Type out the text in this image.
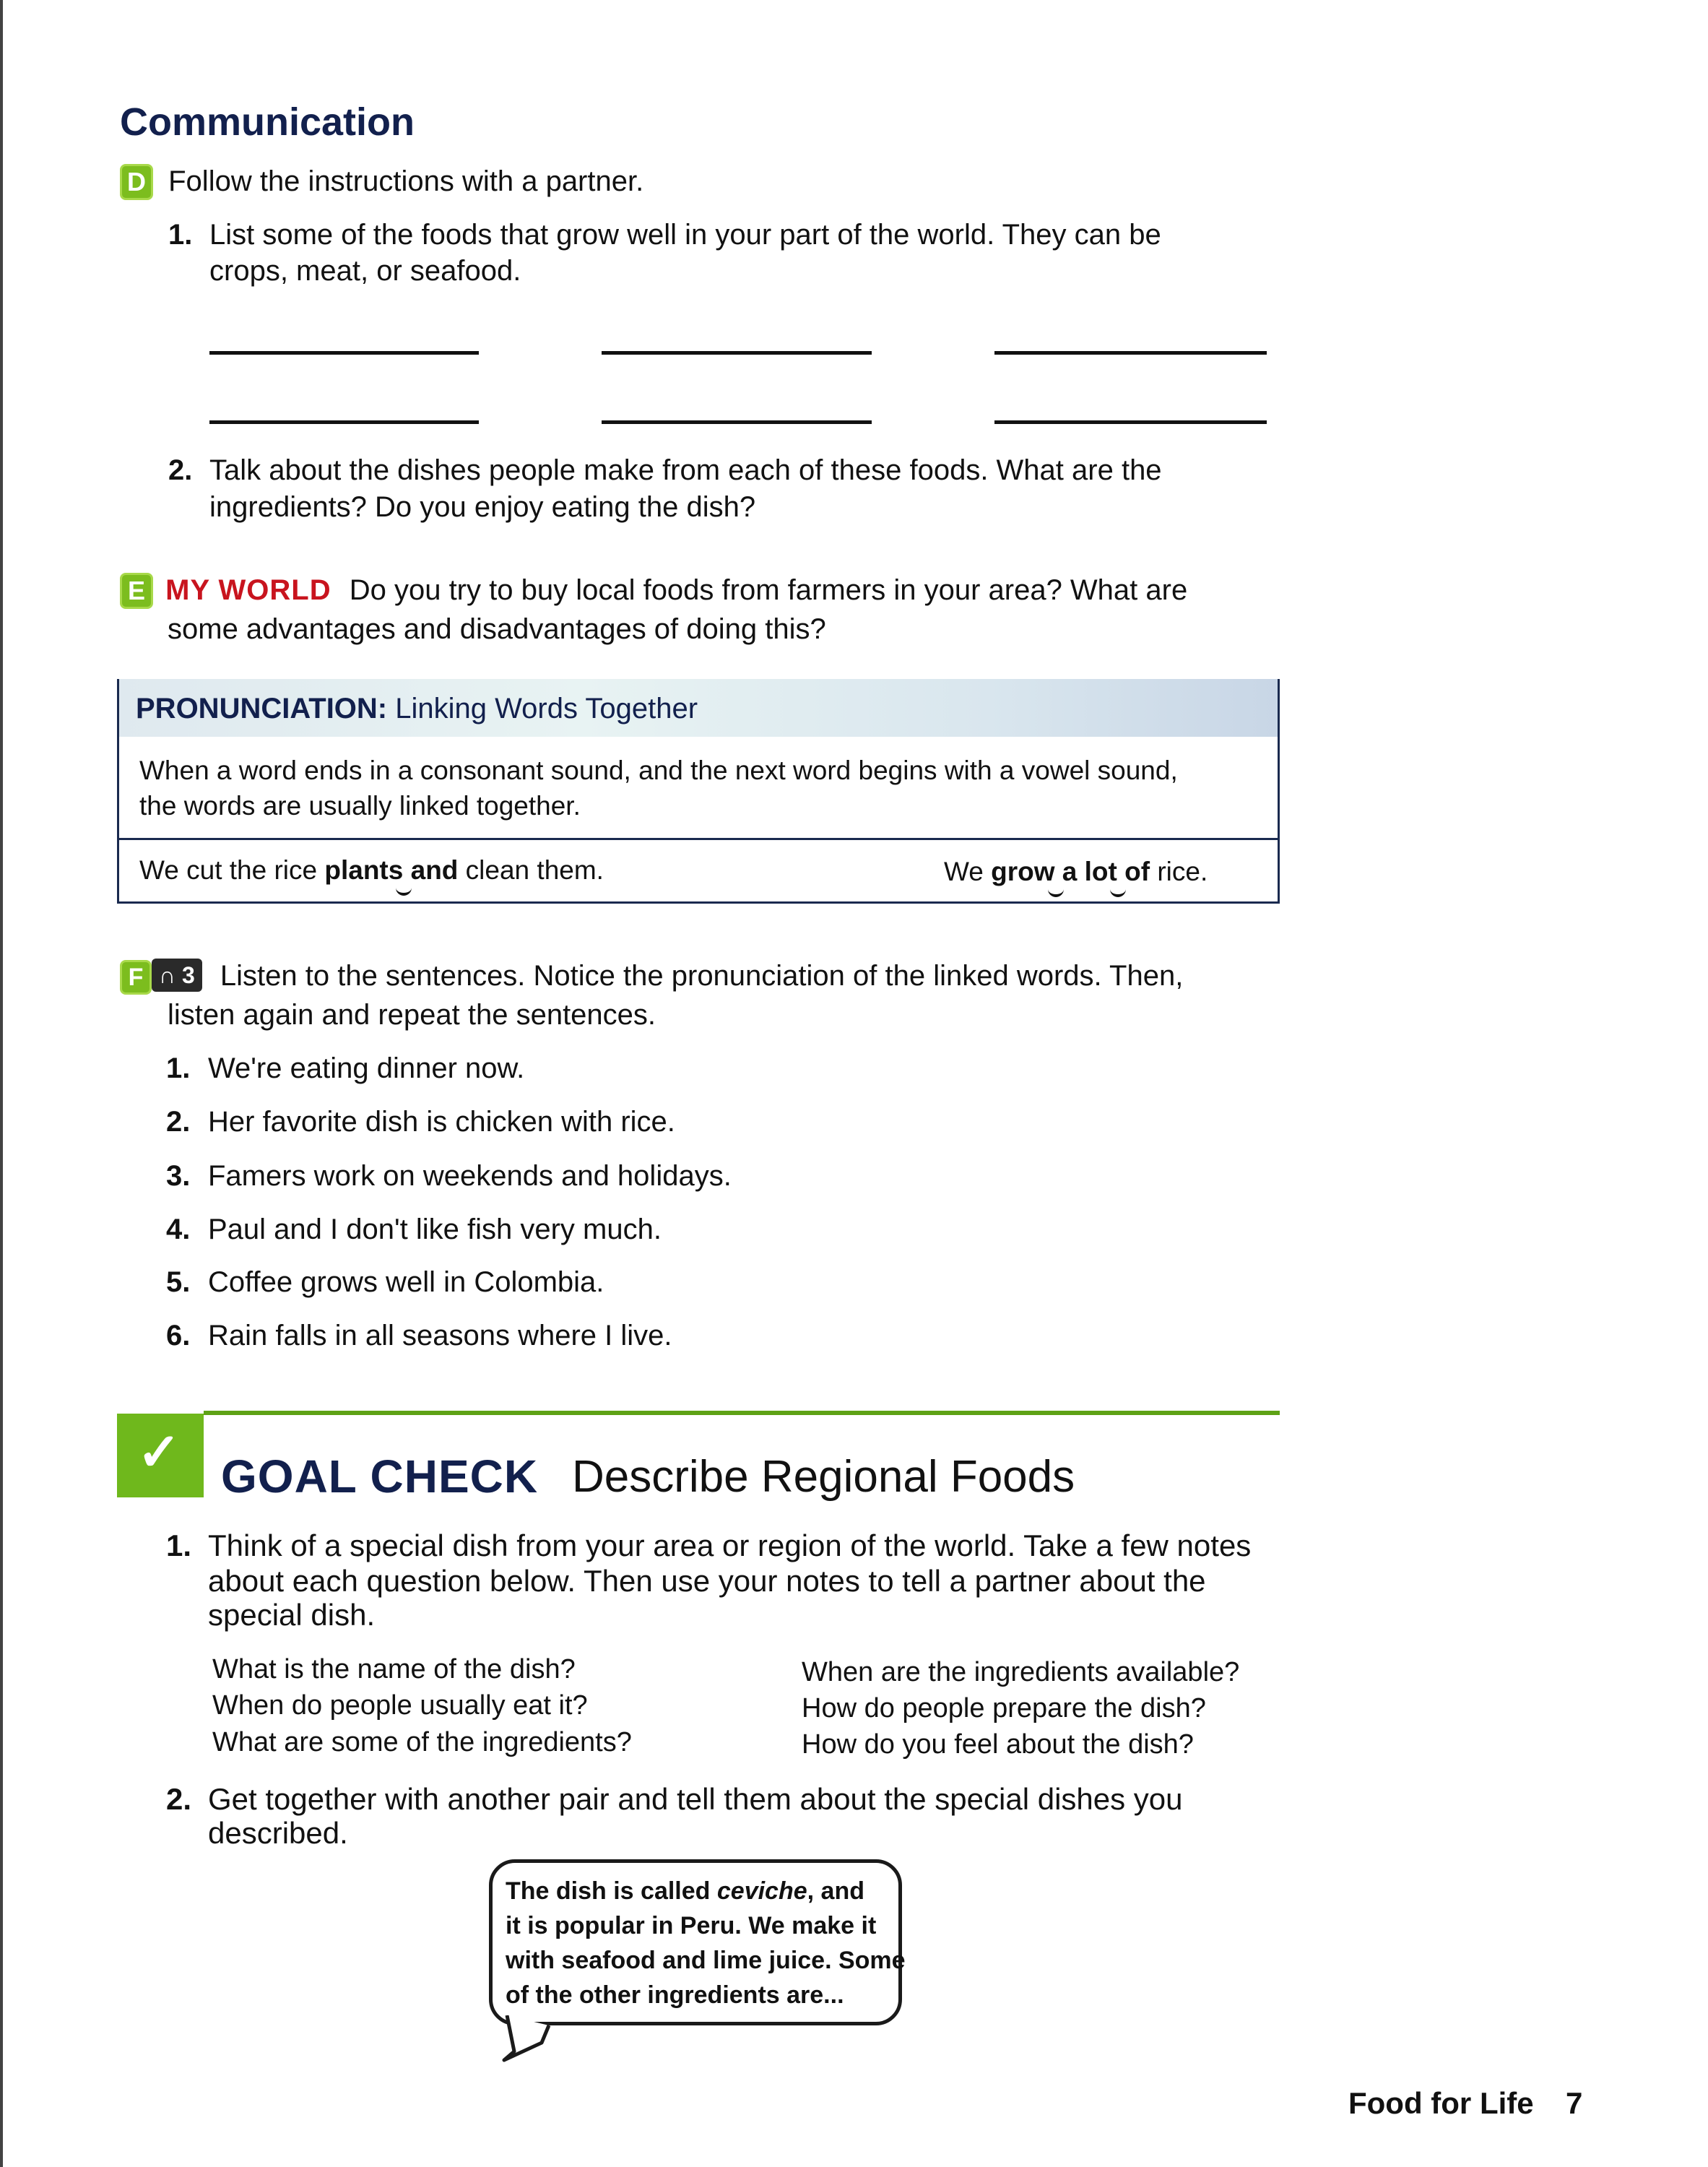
Communication
D Follow the instructions with a partner.
1. List some of the foods that grow well in your part of the world. They can be
crops, meat, or seafood.
2. Talk about the dishes people make from each of these foods. What are the
ingredients? Do you enjoy eating the dish?
E MY WORLD Do you try to buy local foods from farmers in your area? What are
some advantages and disadvantages of doing this?
PRONUNCIATION: Linking Words Together
When a word ends in a consonant sound, and the next word begins with a vowel sound,
the words are usually linked together.
We cut the rice plants and clean them.	We grow a lot of rice.
F ∩ 3 Listen to the sentences. Notice the pronunciation of the linked words. Then,
listen again and repeat the sentences.
1. We're eating dinner now.
2. Her favorite dish is chicken with rice.
3. Famers work on weekends and holidays.
4. Paul and I don't like fish very much.
5. Coffee grows well in Colombia.
6. Rain falls in all seasons where I live.
✓ GOAL CHECK Describe Regional Foods
1. Think of a special dish from your area or region of the world. Take a few notes
about each question below. Then use your notes to tell a partner about the
special dish.
What is the name of the dish?
When do people usually eat it?
What are some of the ingredients?
When are the ingredients available?
How do people prepare the dish?
How do you feel about the dish?
2. Get together with another pair and tell them about the special dishes you
described.
The dish is called ceviche, and
it is popular in Peru. We make it
with seafood and lime juice. Some
of the other ingredients are...
Food for Life 7
